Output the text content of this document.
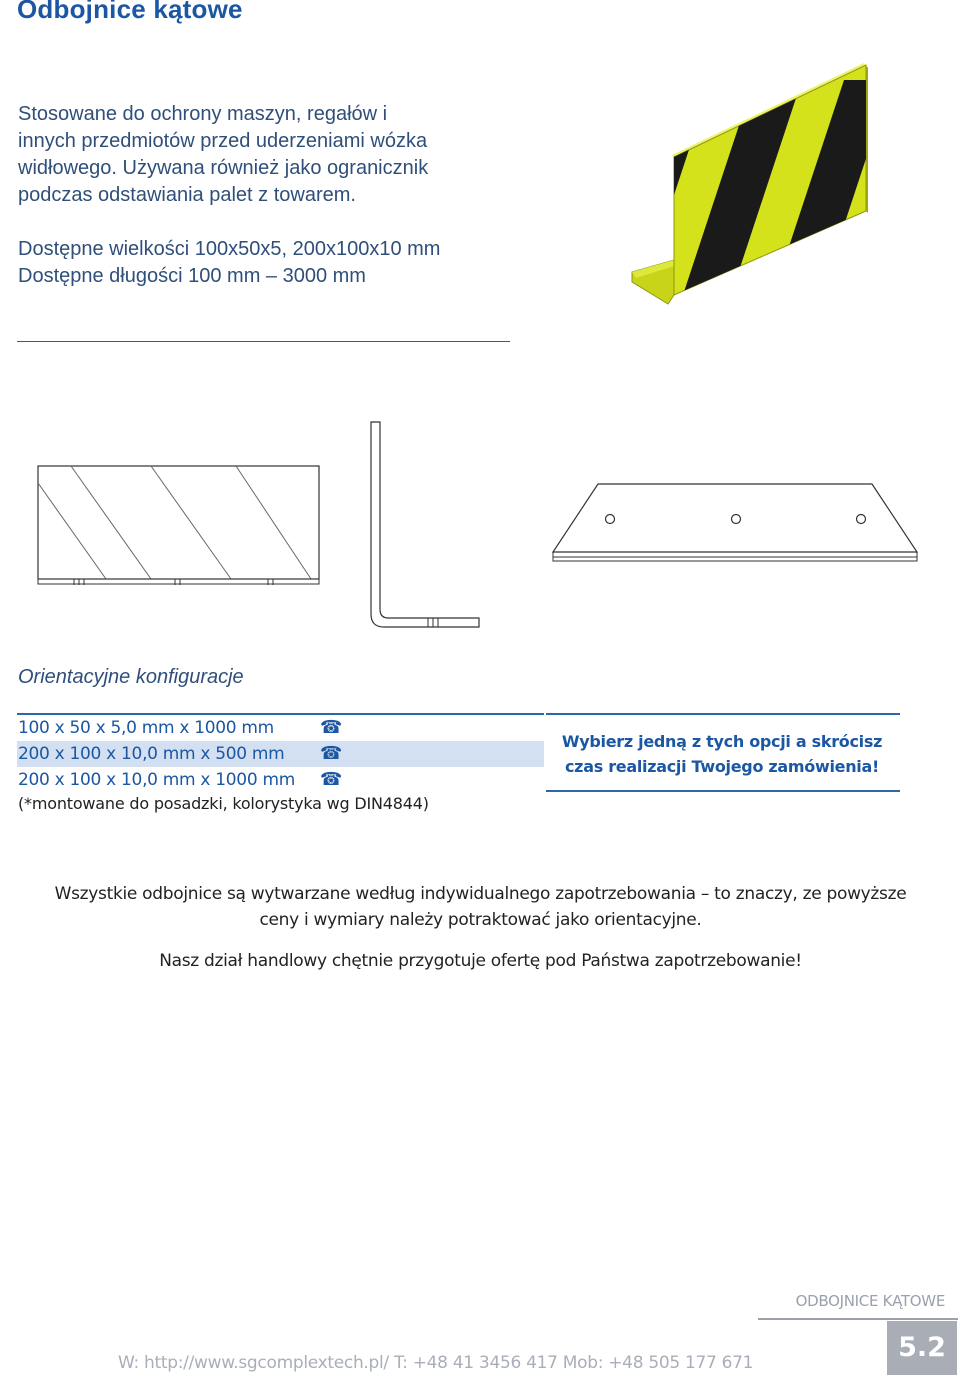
Odbojnice kątowe
Stosowane do ochrony maszyn, regałów i
innych przedmiotów przed uderzeniami wózka
widłowego. Używana również jako ogranicznik
podczas odstawiania palet z towarem.
Dostępne wielkości 100x50x5, 200x100x10 mm
Dostępne długości 100 mm – 3000 mm
Orientacyjne konfiguracje
100 x 50 x 5,0 mm x 1000 mm	☎
200 x 100 x 10,0 mm x 500 mm ☎
200 x 100 x 10,0 mm x 1000 mm ☎
(*montowane do posadzki, kolorystyka wg DIN4844)
Wybierz jedną z tych opcji a skrócisz
czas realizacji Twojego zamówienia!
Wszystkie odbojnice są wytwarzane według indywidualnego zapotrzebowania – to znaczy, ze powyższe
ceny i wymiary należy potraktować jako orientacyjne.
Nasz dział handlowy chętnie przygotuje ofertę pod Państwa zapotrzebowanie!
ODBOJNICE KĄTOWE
W: http://www.sgcomplextech.pl/ T: +48 41 3456 417 Mob: +48 505 177 671	5.2
